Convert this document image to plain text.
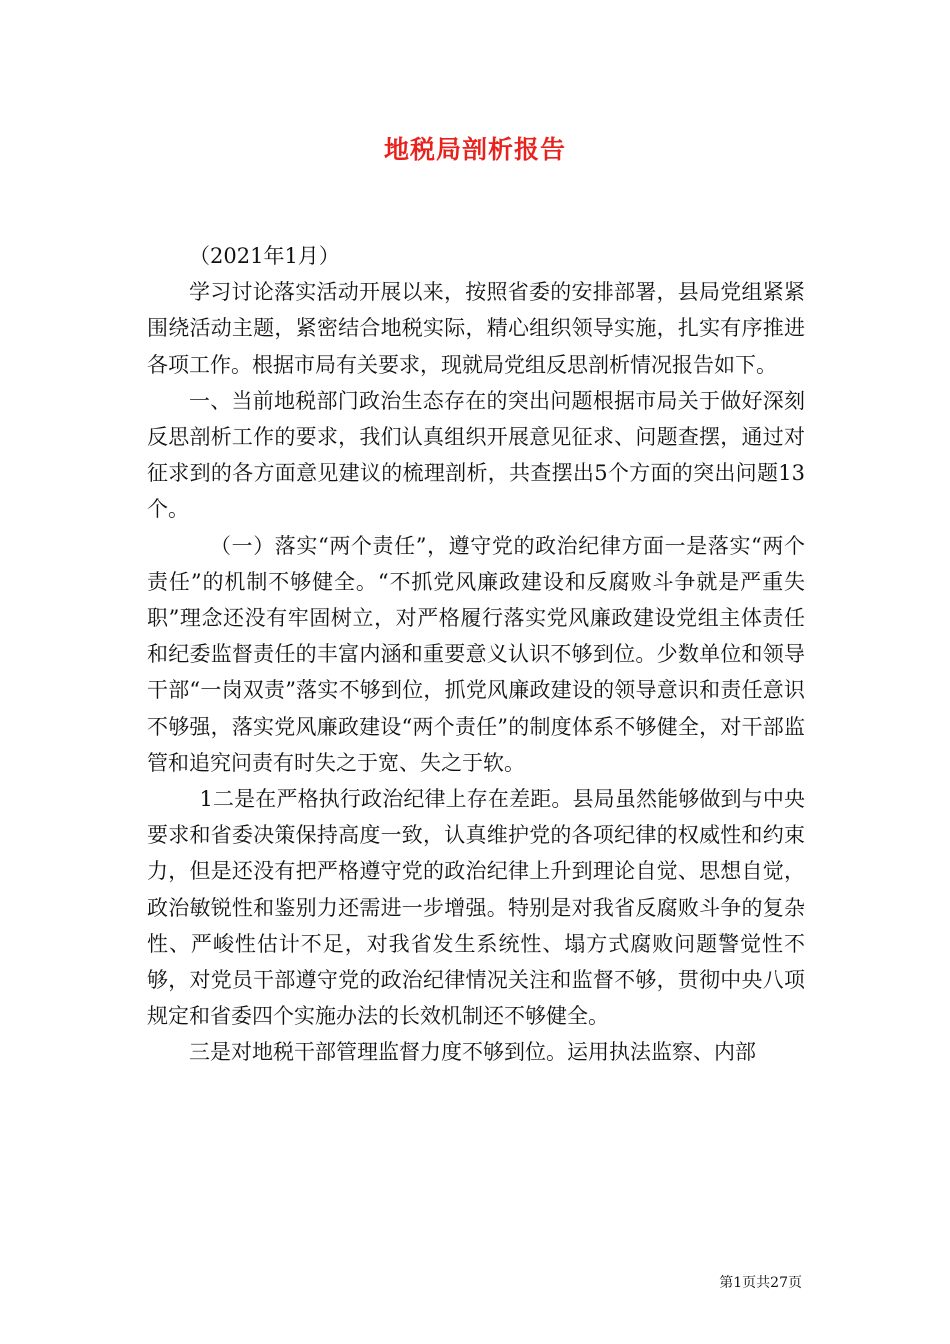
地税局剖析报告

（2021年1月）

学习讨论落实活动开展以来，按照省委的安排部署，县局党组紧紧围绕活动主题，紧密结合地税实际，精心组织领导实施，扎实有序推进各项工作。根据市局有关要求，现就局党组反思剖析情况报告如下。

一、当前地税部门政治生态存在的突出问题根据市局关于做好深刻反思剖析工作的要求，我们认真组织开展意见征求、问题查摆，通过对征求到的各方面意见建议的梳理剖析，共查摆出5个方面的突出问题13个。

（一）落实“两个责任”，遵守党的政治纪律方面一是落实“两个责任”的机制不够健全。“不抓党风廉政建设和反腐败斗争就是严重失职”理念还没有牢固树立，对严格履行落实党风廉政建设党组主体责任和纪委监督责任的丰富内涵和重要意义认识不够到位。少数单位和领导干部“一岗双责”落实不够到位，抓党风廉政建设的领导意识和责任意识不够强，落实党风廉政建设“两个责任”的制度体系不够健全，对干部监管和追究问责有时失之于宽、失之于软。

1二是在严格执行政治纪律上存在差距。县局虽然能够做到与中央要求和省委决策保持高度一致，认真维护党的各项纪律的权威性和约束力，但是还没有把严格遵守党的政治纪律上升到理论自觉、思想自觉，政治敏锐性和鉴别力还需进一步增强。特别是对我省反腐败斗争的复杂性、严峻性估计不足，对我省发生系统性、塌方式腐败问题警觉性不够，对党员干部遵守党的政治纪律情况关注和监督不够，贯彻中央八项规定和省委四个实施办法的长效机制还不够健全。

三是对地税干部管理监督力度不够到位。运用执法监察、内部

第1页共27页
